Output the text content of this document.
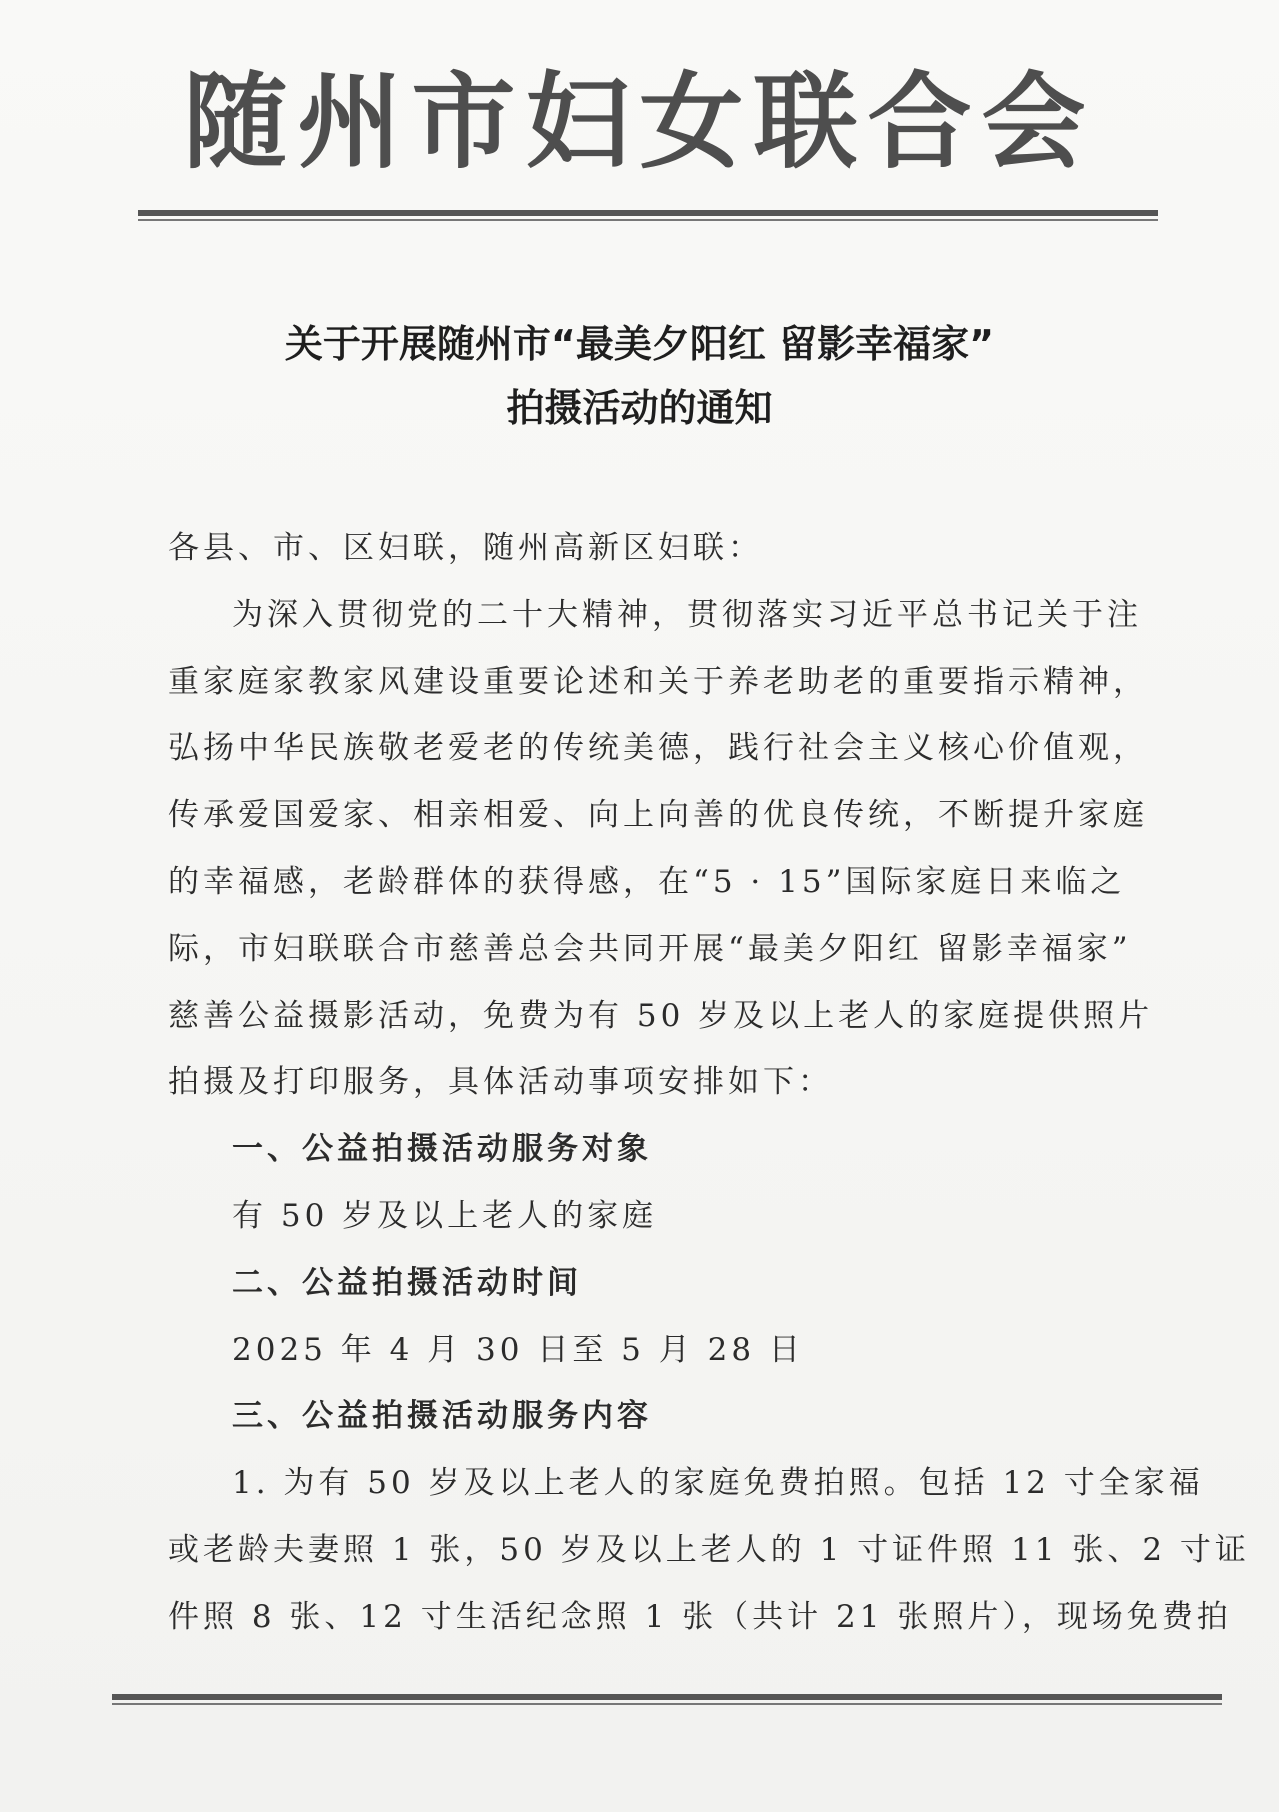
随州市妇女联合会
关于开展随州市“最美夕阳红 留影幸福家”
拍摄活动的通知

各县、市、区妇联，随州高新区妇联：

为深入贯彻党的二十大精神，贯彻落实习近平总书记关于注

重家庭家教家风建设重要论述和关于养老助老的重要指示精神，

弘扬中华民族敬老爱老的传统美德，践行社会主义核心价值观，

传承爱国爱家、相亲相爱、向上向善的优良传统，不断提升家庭

的幸福感，老龄群体的获得感，在“5 · 15”国际家庭日来临之

际，市妇联联合市慈善总会共同开展“最美夕阳红 留影幸福家”

慈善公益摄影活动，免费为有 50 岁及以上老人的家庭提供照片

拍摄及打印服务，具体活动事项安排如下：

一、公益拍摄活动服务对象

有 50 岁及以上老人的家庭

二、公益拍摄活动时间

2025 年 4 月 30 日至 5 月 28 日

三、公益拍摄活动服务内容

1. 为有 50 岁及以上老人的家庭免费拍照。包括 12 寸全家福

或老龄夫妻照 1 张，50 岁及以上老人的 1 寸证件照 11 张、2 寸证

件照 8 张、12 寸生活纪念照 1 张（共计 21 张照片），现场免费拍
